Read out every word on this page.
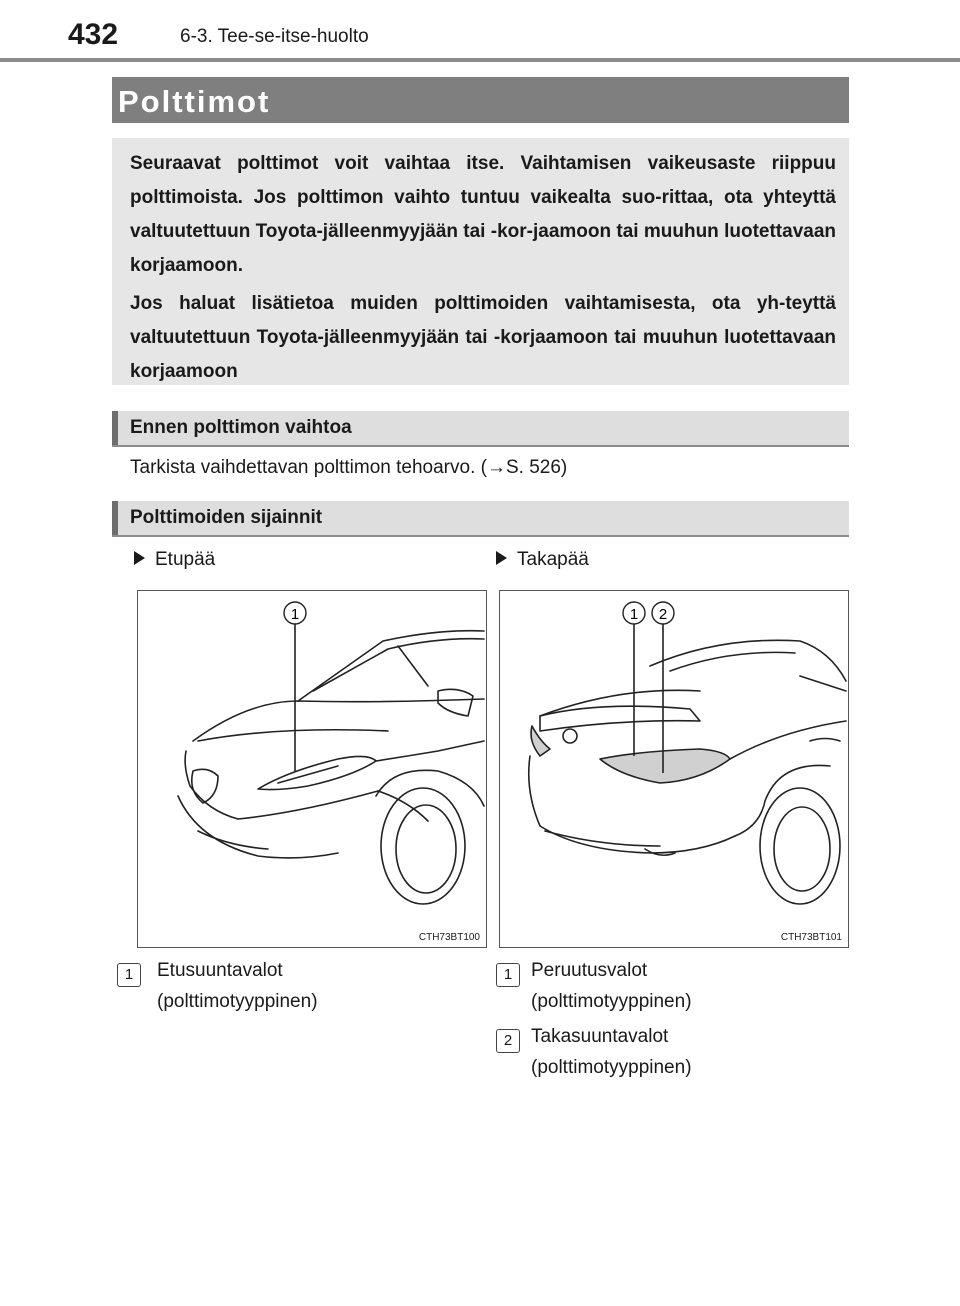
432	6-3. Tee-se-itse-huolto
Polttimot
Seuraavat polttimot voit vaihtaa itse. Vaihtamisen vaikeusaste riippuu polttimoista. Jos polttimon vaihto tuntuu vaikealta suo-rittaa, ota yhteyttä valtuutettuun Toyota-jälleenmyyjään tai -kor-jaamoon tai muuhun luotettavaan korjaamoon.
Jos haluat lisätietoa muiden polttimoiden vaihtamisesta, ota yh-teyttä valtuutettuun Toyota-jälleenmyyjään tai -korjaamoon tai muuhun luotettavaan korjaamoon
Ennen polttimon vaihtoa
Tarkista vaihdettavan polttimon tehoarvo. (→S. 526)
Polttimoiden sijainnit
Etupää	Takapää
1
CTH73BT100
1 2
CTH73BT101
1	Etusuuntavalot
(polttimotyyppinen)
1 Peruutusvalot
(polttimotyyppinen)
2 Takasuuntavalot
(polttimotyyppinen)
